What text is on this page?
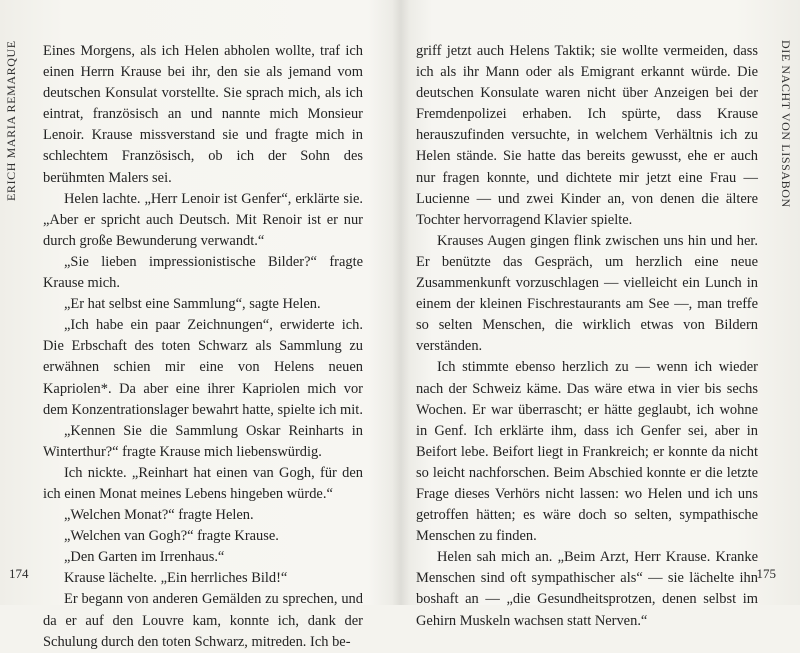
ERICH MARIA REMARQUE Eines Morgens, als ich Helen abholen wollte, traf ich einen Herrn Krause bei ihr, den sie als jemand vom deutschen Konsulat vorstellte. Sie sprach mich, als ich eintrat, französisch an und nannte mich Monsieur Lenoir. Krause missverstand sie und fragte mich in schlechtem Französisch, ob ich der Sohn des berühmten Malers sei.

Helen lachte. „Herr Lenoir ist Genfer“, erklärte sie. „Aber er spricht auch Deutsch. Mit Renoir ist er nur durch große Bewunderung verwandt.“

„Sie lieben impressionistische Bilder?“ fragte Krause mich.

„Er hat selbst eine Sammlung“, sagte Helen.

„Ich habe ein paar Zeichnungen“, erwiderte ich. Die Erbschaft des toten Schwarz als Sammlung zu erwähnen schien mir eine von Helens neuen Kapriolen*. Da aber eine ihrer Kapriolen mich vor dem Konzentrationslager bewahrt hatte, spielte ich mit.

„Kennen Sie die Sammlung Oskar Reinharts in Winterthur?“ fragte Krause mich liebenswürdig.

Ich nickte. „Reinhart hat einen van Gogh, für den ich einen Monat meines Lebens hingeben würde.“

„Welchen Monat?“ fragte Helen.

„Welchen van Gogh?“ fragte Krause.

„Den Garten im Irrenhaus.“

Krause lächelte. „Ein herrliches Bild!“

Er begann von anderen Gemälden zu sprechen, und da er auf den Louvre kam, konnte ich, dank der Schulung durch den toten Schwarz, mitreden. Ich be-

174

DIE NACHT VON LISSABON

griff jetzt auch Helens Taktik; sie wollte vermeiden, dass ich als ihr Mann oder als Emigrant erkannt würde. Die deutschen Konsulate waren nicht über Anzeigen bei der Fremdenpolizei erhaben. Ich spürte, dass Krause herauszufinden versuchte, in welchem Verhältnis ich zu Helen stände. Sie hatte das bereits gewusst, ehe er auch nur fragen konnte, und dichtete mir jetzt eine Frau — Lucienne — und zwei Kinder an, von denen die ältere Tochter hervorragend Klavier spielte.

Krauses Augen gingen flink zwischen uns hin und her. Er benützte das Gespräch, um herzlich eine neue Zusammenkunft vorzuschlagen — vielleicht ein Lunch in einem der kleinen Fischrestaurants am See —, man treffe so selten Menschen, die wirklich etwas von Bildern verständen.

Ich stimmte ebenso herzlich zu — wenn ich wieder nach der Schweiz käme. Das wäre etwa in vier bis sechs Wochen. Er war überrascht; er hätte geglaubt, ich wohne in Genf. Ich erklärte ihm, dass ich Genfer sei, aber in Beifort lebe. Beifort liegt in Frankreich; er konnte da nicht so leicht nachforschen. Beim Abschied konnte er die letzte Frage dieses Verhörs nicht lassen: wo Helen und ich uns getroffen hätten; es wäre doch so selten, sympathische Menschen zu finden.

Helen sah mich an. „Beim Arzt, Herr Krause. Kranke Menschen sind oft sympathischer als“ — sie lächelte ihn boshaft an — „die Gesundheitsprotzen, denen selbst im Gehirn Muskeln wachsen statt Nerven.“

175
